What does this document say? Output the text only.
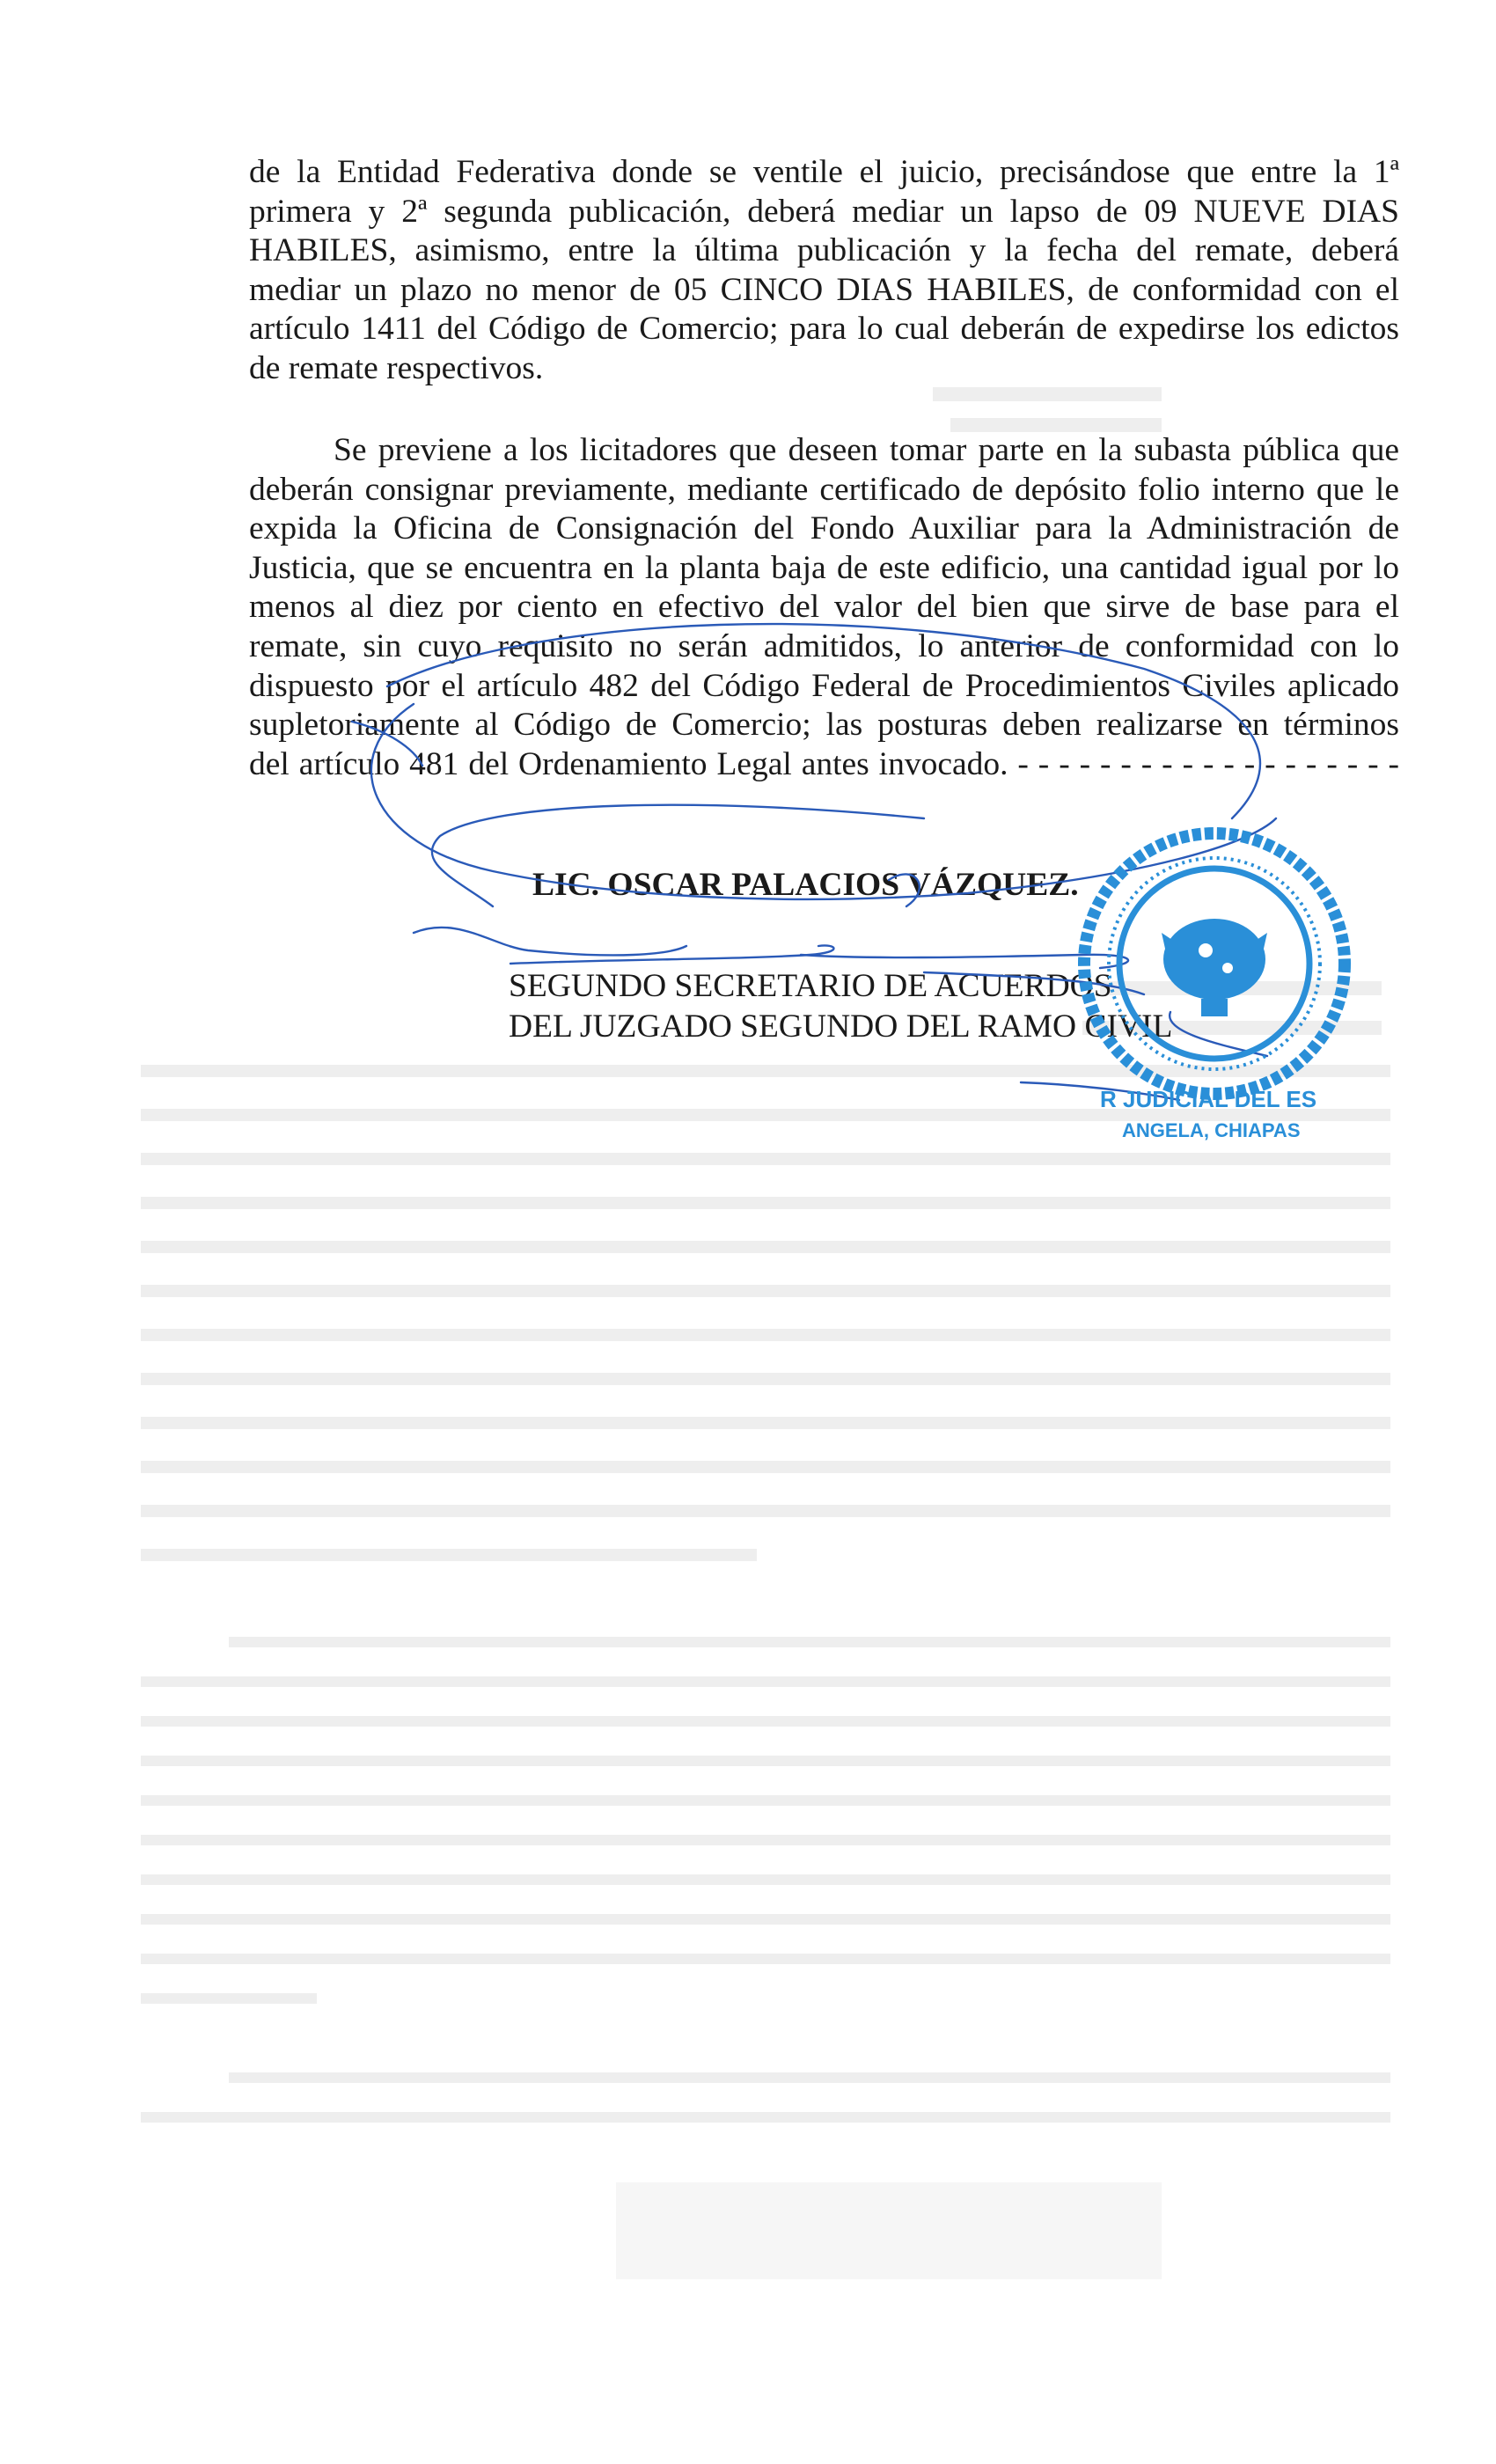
de la Entidad Federativa donde se ventile el juicio, precisándose que entre la 1ª
primera y 2ª segunda publicación, deberá mediar un lapso de 09 NUEVE DIAS
HABILES, asimismo, entre la última publicación y la fecha del remate, deberá
mediar un plazo no menor de 05 CINCO DIAS HABILES, de conformidad con el
artículo 1411 del Código de Comercio; para lo cual deberán de expedirse los edictos
de remate respectivos.
Se previene a los licitadores que deseen tomar parte en la subasta pública que
deberán consignar previamente, mediante certificado de depósito folio interno que le
expida la Oficina de Consignación del Fondo Auxiliar para la Administración de
Justicia, que se encuentra en la planta baja de este edificio, una cantidad igual por lo
menos al diez por ciento en efectivo del valor del bien que sirve de base para el
remate, sin cuyo requisito no serán admitidos, lo anterior de conformidad con lo
dispuesto por el artículo 482 del Código Federal de Procedimientos Civiles aplicado
supletoriamente al Código de Comercio; las posturas deben realizarse en términos
del artículo 481 del Ordenamiento Legal antes invocado. - - - - - - - - - - - - - - - - - - -
LIC. OSCAR PALACIOS VÁZQUEZ.
SEGUNDO SECRETARIO DE ACUERDOS
DEL JUZGADO SEGUNDO DEL RAMO CIVIL
R JUDICIAL DEL ES
ANGELA, CHIAPAS
